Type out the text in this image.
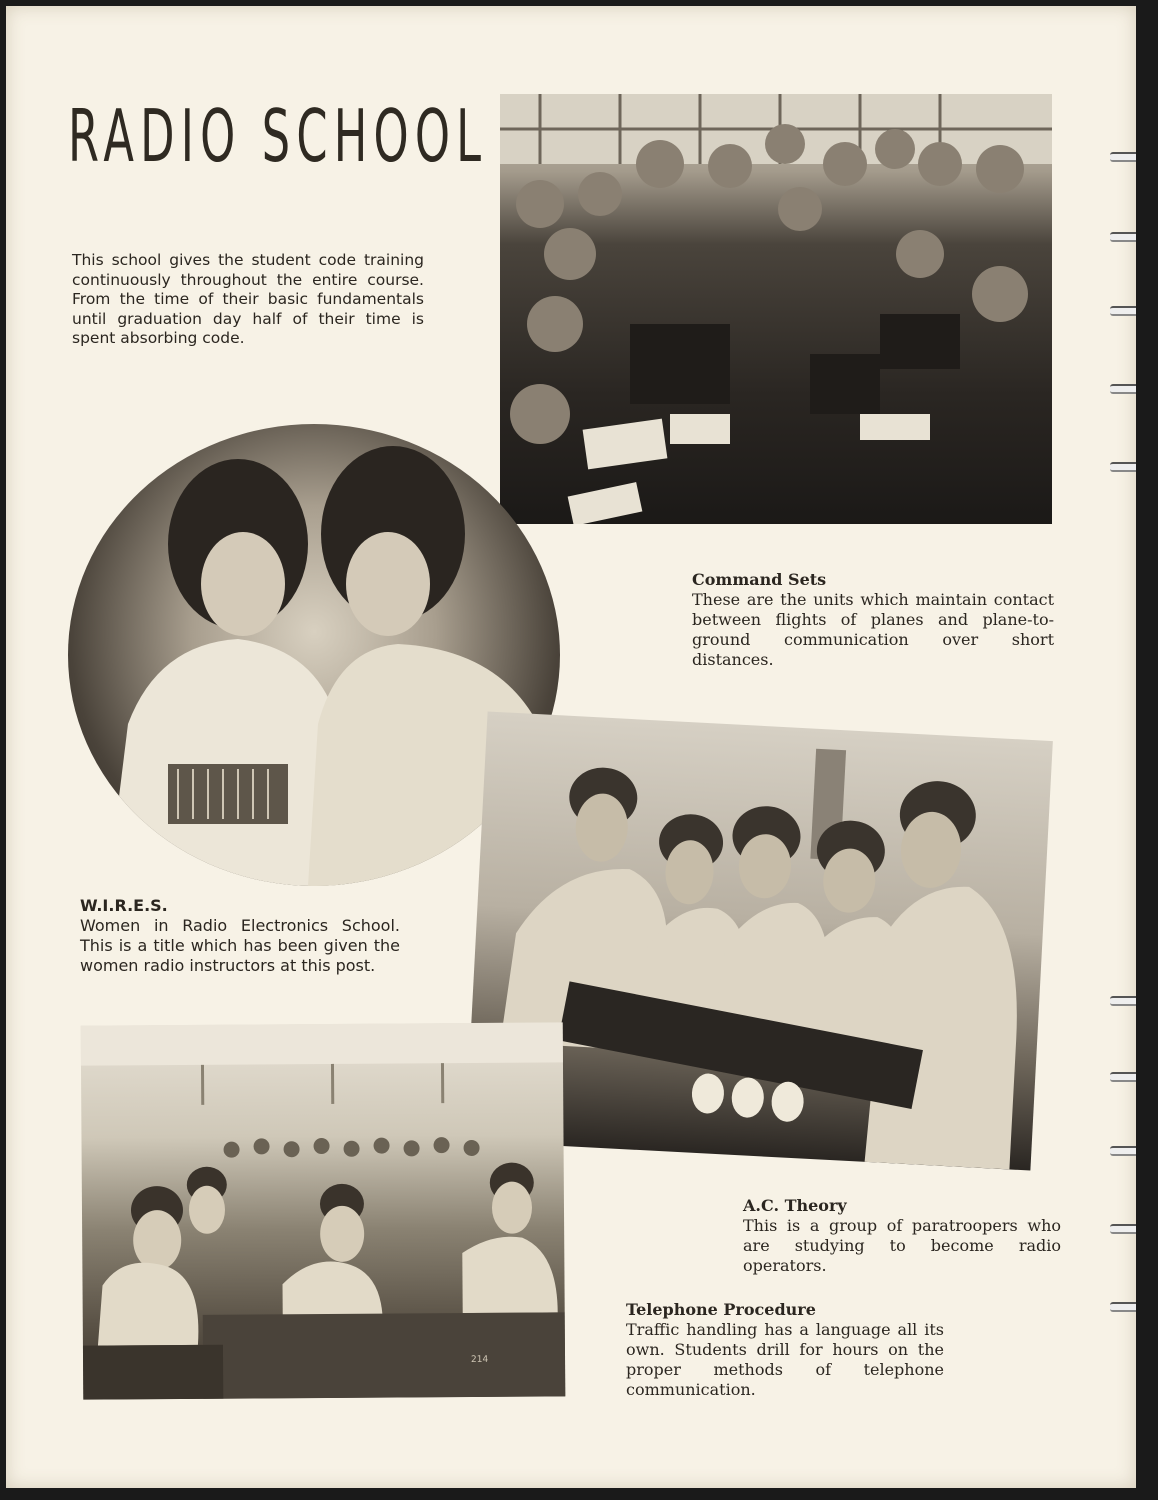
RADIO SCHOOL
This school gives the student code training continuously throughout the entire course. From the time of their basic fundamentals until graduation day half of their time is spent absorbing code.
Command Sets
These are the units which maintain contact between flights of planes and plane-to-ground communication over short distances.
W.I.R.E.S.
Women in Radio Electronics School. This is a title which has been given the women radio instructors at this post.
A.C. Theory
This is a group of paratroopers who are studying to become radio operators.
214
Telephone Procedure
Traffic handling has a language all its own. Students drill for hours on the proper methods of telephone communication.
